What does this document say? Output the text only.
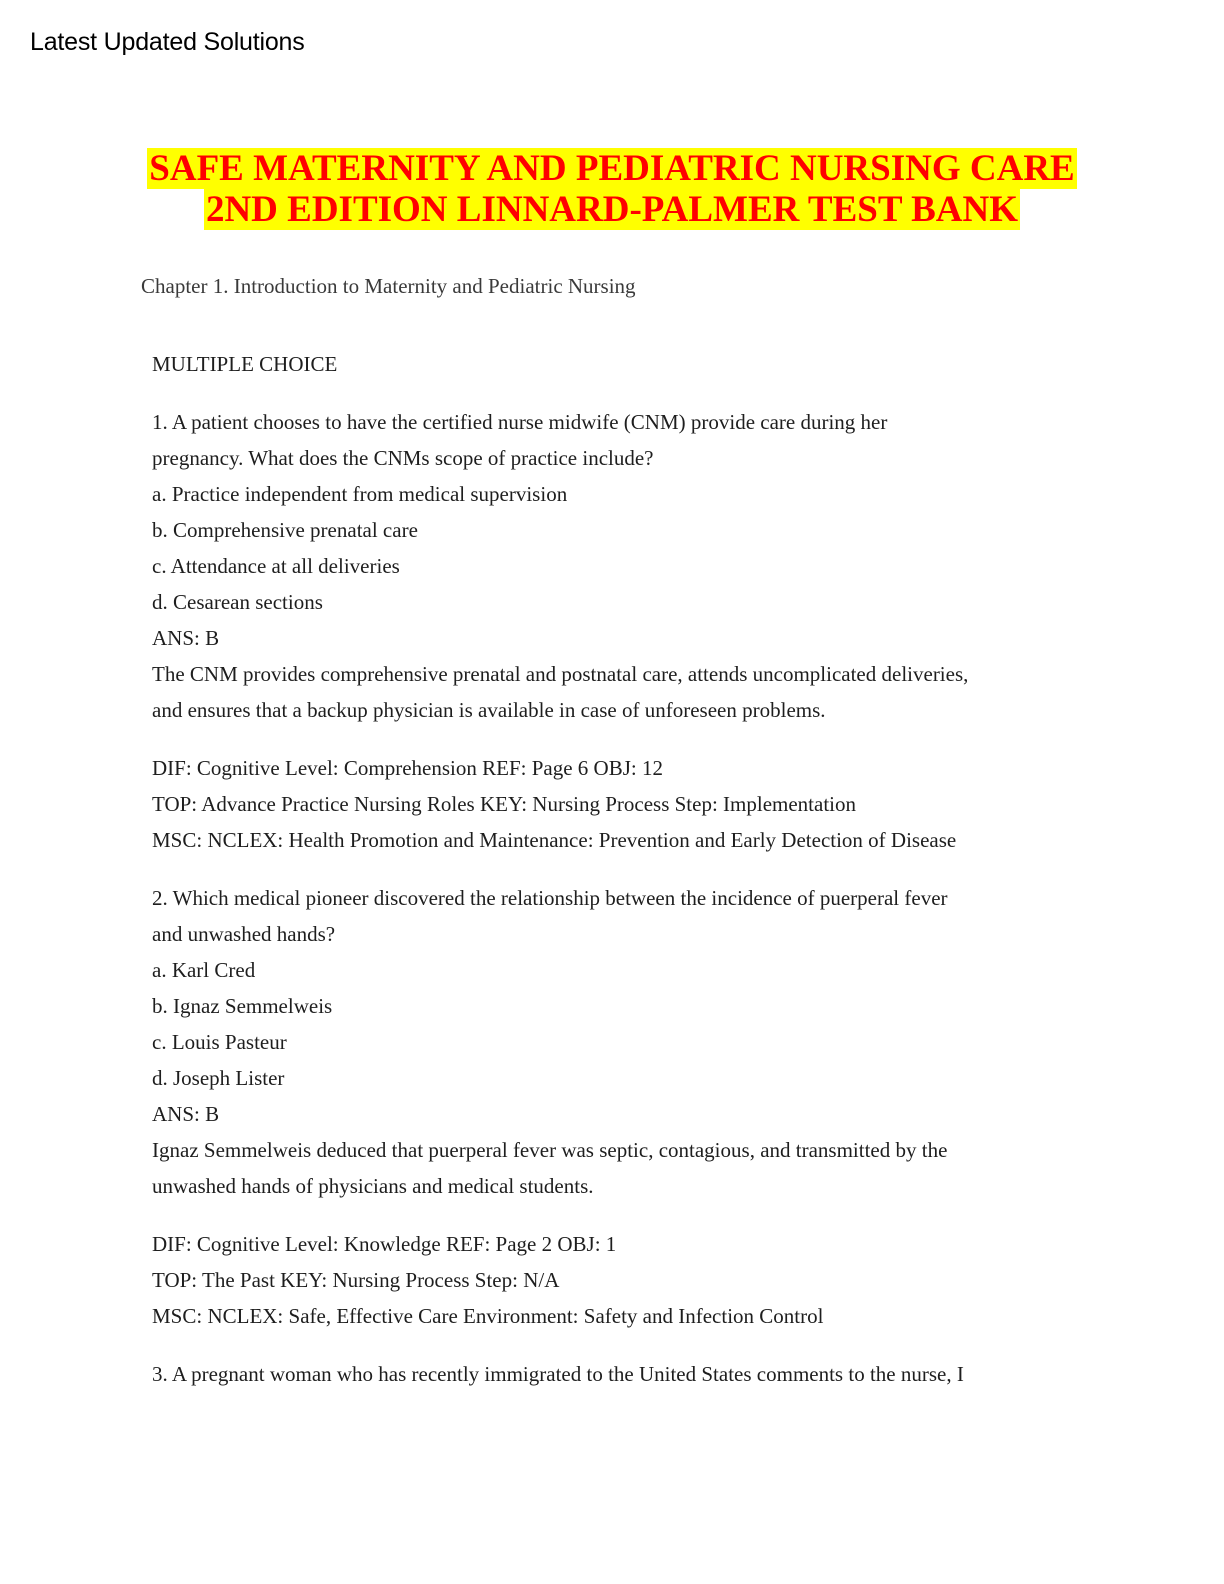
Latest Updated Solutions
SAFE MATERNITY AND PEDIATRIC NURSING CARE
2ND EDITION LINNARD-PALMER TEST BANK
Chapter 1. Introduction to Maternity and Pediatric Nursing
MULTIPLE CHOICE
1. A patient chooses to have the certified nurse midwife (CNM) provide care during her
pregnancy. What does the CNMs scope of practice include?
a. Practice independent from medical supervision
b. Comprehensive prenatal care
c. Attendance at all deliveries
d. Cesarean sections
ANS: B
The CNM provides comprehensive prenatal and postnatal care, attends uncomplicated deliveries,
and ensures that a backup physician is available in case of unforeseen problems.
DIF: Cognitive Level: Comprehension REF: Page 6 OBJ: 12
TOP: Advance Practice Nursing Roles KEY: Nursing Process Step: Implementation
MSC: NCLEX: Health Promotion and Maintenance: Prevention and Early Detection of Disease
2. Which medical pioneer discovered the relationship between the incidence of puerperal fever
and unwashed hands?
a. Karl Cred
b. Ignaz Semmelweis
c. Louis Pasteur
d. Joseph Lister
ANS: B
Ignaz Semmelweis deduced that puerperal fever was septic, contagious, and transmitted by the
unwashed hands of physicians and medical students.
DIF: Cognitive Level: Knowledge REF: Page 2 OBJ: 1
TOP: The Past KEY: Nursing Process Step: N/A
MSC: NCLEX: Safe, Effective Care Environment: Safety and Infection Control
3. A pregnant woman who has recently immigrated to the United States comments to the nurse, I
